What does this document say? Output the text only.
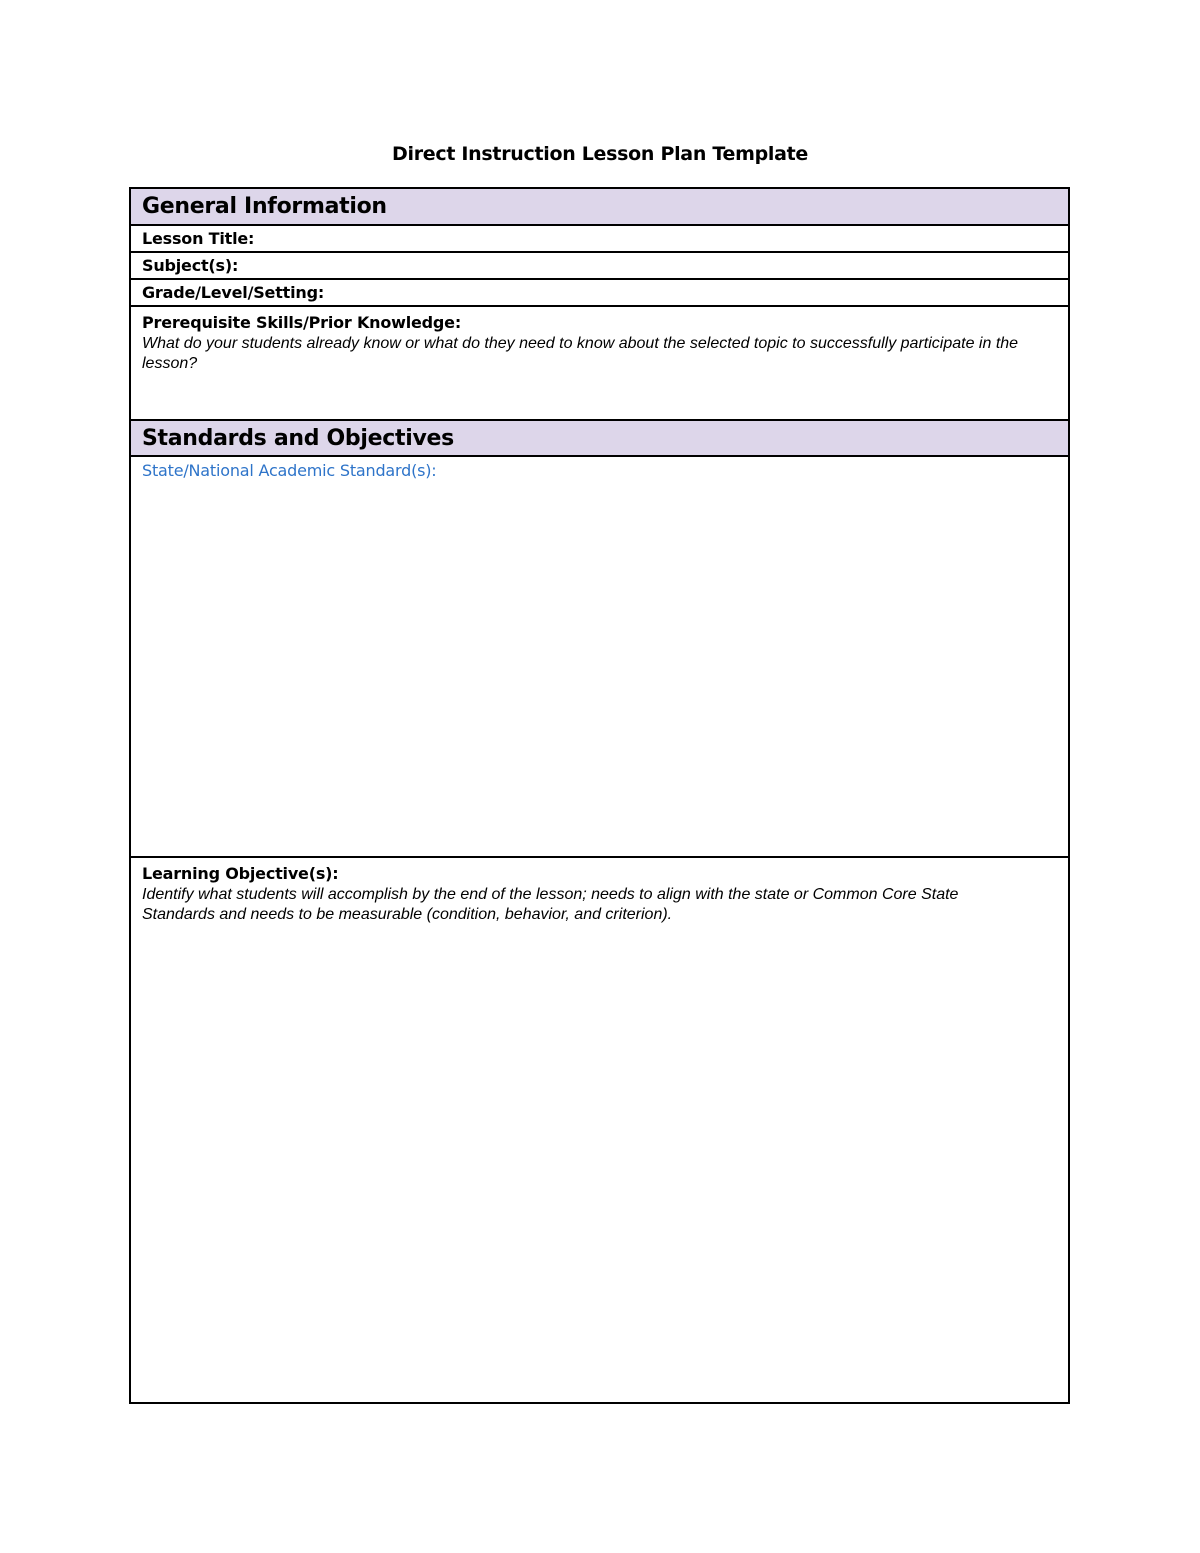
Direct Instruction Lesson Plan Template
General Information
Lesson Title:
Subject(s):
Grade/Level/Setting:
Prerequisite Skills/Prior Knowledge:
What do your students already know or what do they need to know about the selected topic to successfully participate in the lesson?
Standards and Objectives
State/National Academic Standard(s):
Learning Objective(s):
Identify what students will accomplish by the end of the lesson; needs to align with the state or Common Core State Standards and needs to be measurable (condition, behavior, and criterion).
